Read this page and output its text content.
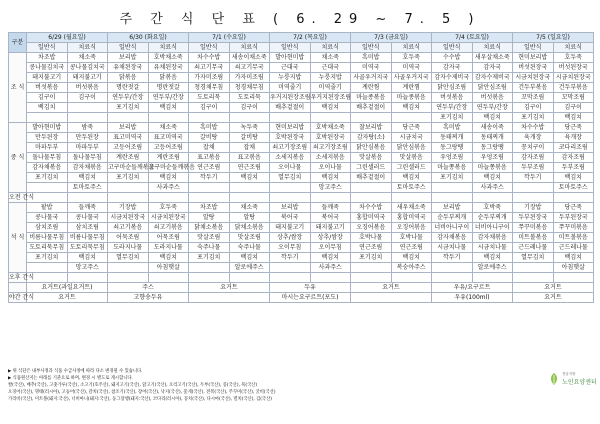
주 간 식 단 표 ( 6. 29 ~ 7. 5 )
구분	6/29 (월요일)		6/30 (화요일)		7/1 (수요일)		7/2 (목요일)		7/3 (금요일)		7/4 (토요일)		7/5 (일요일)	
	일반식	치료식	일반식	치료식	일반식	치료식	일반식	치료식	일반식	치료식	일반식	치료식	일반식	치료식
조 식	차조밥	채소죽	보리밥	호박채소죽	차수수밥	새송이채소죽	발아현미밥	채소죽	흑미밥	호두죽	수수밥	새우살채소죽	현미보리밥	호두죽
	콩나물김치국	콩나물김치국	유채된장국	유채된장국	쇠고기무국	쇠고기무국	근대국	근대국	미역국	미역국	감자국	감자국	버섯된장국	버섯된장국
	돼지불고기	돼지불고기	닭볶음	닭볶음	가자미조림	가자미조림	누룽지밥	누룽지밥	사골우거지국	사골우거지국	감자수제비국	감자수제비국	시금치된장국	시금치된장국
	버섯볶음	버섯볶음	명란젓갈	명란젓갈	청경채무침	청경채무침	미역줄기	미역줄기	계란찜	계란찜	닭안심조림	닭안심조림	건두부볶음	건두부볶음
	김구이	김구이	연두부/간장	연두부/간장	도토리묵	도토리묵	우거지된장조림	우거지된장조림	마늘종볶음	마늘종볶음	버섯볶음	버섯볶음	꼬막조림	꼬막조림
	백김치		포기김치	백김치	김구이	김구이	배추겉절이	백김치	배추겉절이	백김치	연두부/간장	연두부/간장	김구이	김구이
											포기김치	백김치	포기김치	백김치
중 식	발아현미밥	밤죽	보리밥	채소죽	흑미밥	녹두죽	현미보리밥	호박채소죽	찰보리밥	당근죽	흑미밥	새송이죽	차수수밥	당근죽
	만두된장	만두된장	표고미역국	표고미역국	갈비탕	갈비탕	호박된장국	호박된장국	감자탕(소)	시금치국	동태찌개	동태찌개	육개장	육개장
	마파두부	마파두부	고등어조림	고등어조림	잡채	잡채	쇠고기장조림	쇠고기장조림	닭안심볶음	닭안심볶음	동그랑땡	동그랑땡	꽁치구이	코다리조림
	돌나물무침	돌나물무침	계란조림	계란조림	표고볶음	표고볶음	소세지볶음	소세지볶음	맛살볶음	맛살볶음	우엉조림	우엉조림	감자조림	감자조림
	감자채볶음	감자채볶음	고구마순들깨볶음	고구마순들깨볶음	연근조림	연근조림	오이나물	오이나물	그린샐러드	그린샐러드	마늘쫑볶음	마늘쫑볶음	두부조림	두부조림
	포기김치	백김치	포기김치	백김치	깍두기	백김치	열무김치	백김치	배추겉절이	백김치	포기김치	백김치	깍두기	백김치
		토마토주스		사과주스				망고주스		토마토주스		사과주스		토마토주스
오전 간식														
석 식	팥밥	들깨죽	기장밥	호두죽	차조밥	채소죽	보리밥	들깨죽	차수수밥	새우채소죽	보리밥	호박죽	기장밥	당근죽
	콩나물국	콩나물국	시금치된장국	시금치된장국	알탕	알탕	북어국	북어국	홍합미역국	홍합미역국	순두부찌개	순두부찌개	두부된장국	두부된장국
	삼치조림	삼치조림	쇠고기볶음	쇠고기볶음	닭채소볶음	닭채소볶음	돼지불고기	돼지불고기	오징어볶음	오징어볶음	너비아니구이	너비아니구이	쭈꾸미볶음	쭈꾸미볶음
	비름나물무침	비름나물무침	어묵조림	어묵조림	맛살조림	맛살조림	상추/쌈장	상추/쌈장	호박나물	호박나물	감자채볶음	감자채볶음	미트볼볶음	미트볼볶음
	도토리묵무침	도토리묵무침	도라지나물	도라지나물	숙주나물	숙주나물	오이무침	오이무침	연근조림	연근조림	시금치나물	시금치나물	근드레나물	근드레나물
	포기김치	백김치	열무김치	백김치	포기김치	백김치	깍두기	백김치	포기김치	백김치	깍두기	백김치	열무김치	백김치
		망고주스		아침햇살		알로에주스		사과주스		복숭아주스		알로에주스		아침햇살
오후 간식														
	요거트(과일요거트)		주스		요거트		두유		요거트		우유/요구르트		요거트	
야간 간식	요거트		고향송두유				마시는요구르트(포도)				우유(100ml)		요거트	
▶ 위 식단은 내부사정과 식품 수급사정에 따라 다소 변경될 수 있습니다.
▶ 식품원산지는 아래를 기준으로 하며, 변경 시 별도로 게시합니다.
쌀(국산), 배추(국산), 고춧가루(국산), 소고기(호주산), 돼지고기(국산), 닭고기(국산), 오리고기(국산), 두부(국산), 콩(국산), 묵(국산)
오징어(국산), 명태(러시아), 고등어(국산), 갈치(국산), 참조기(국산), 장어(국산), 낙지(국산), 꽃게(국산), 전복(국산), 주꾸미(국산), 굴비(국산)
가리비(국산), 미트볼(돼지:국산), 너비아니(돼지:국산), 동그랑땡(돼지:국산), 코다리(러시아), 꽁치(국산), 다시마(국산), 멸치(국산), 김(국산)
경남지방
노인요양센터
